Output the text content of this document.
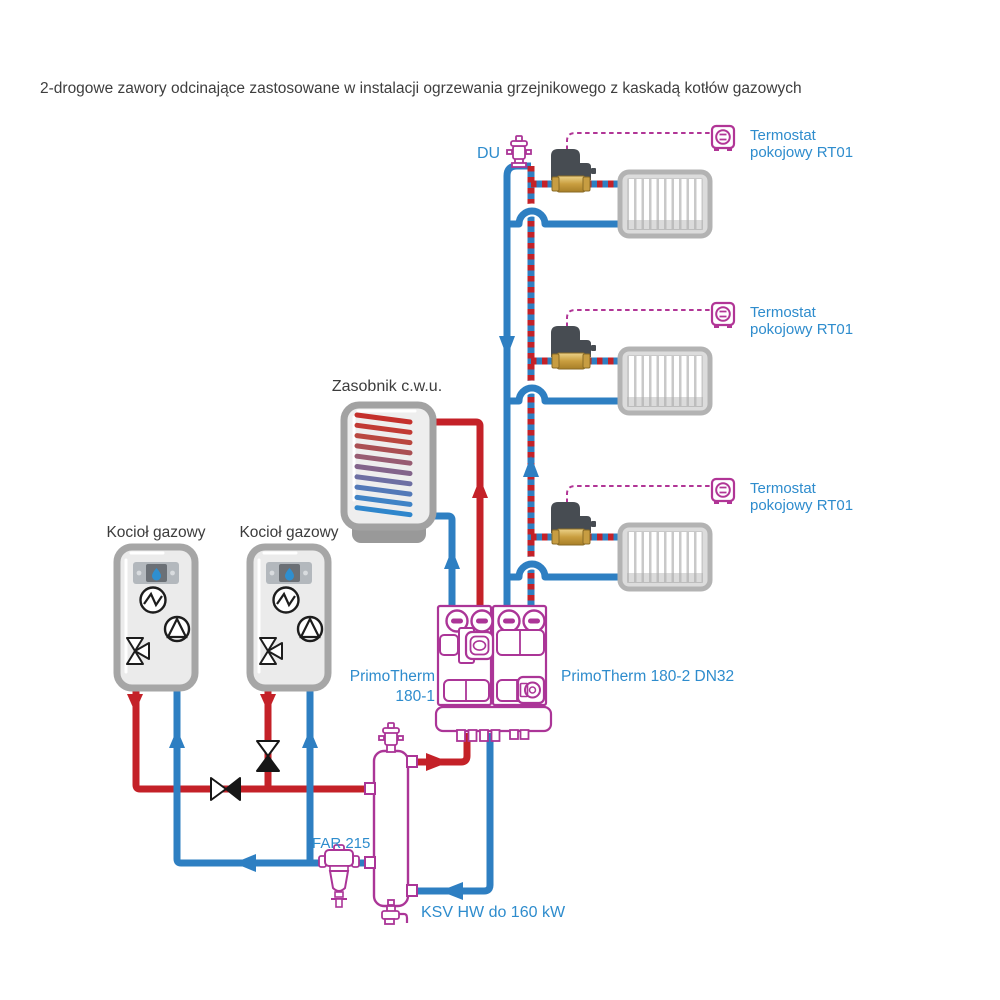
Termostat
pokojowy RT01
Termostat
pokojowy RT01
Termostat
pokojowy RT01
2-drogowe zawory odcinające zastosowane w instalacji ogrzewania grzejnikowego z kaskadą kotłów gazowych
DU
Zasobnik c.w.u.
Kocioł gazowy Kocioł gazowy
PrimoTherm
180-1
PrimoTherm 180-2 DN32
FAR 215
KSV HW do 160 kW
